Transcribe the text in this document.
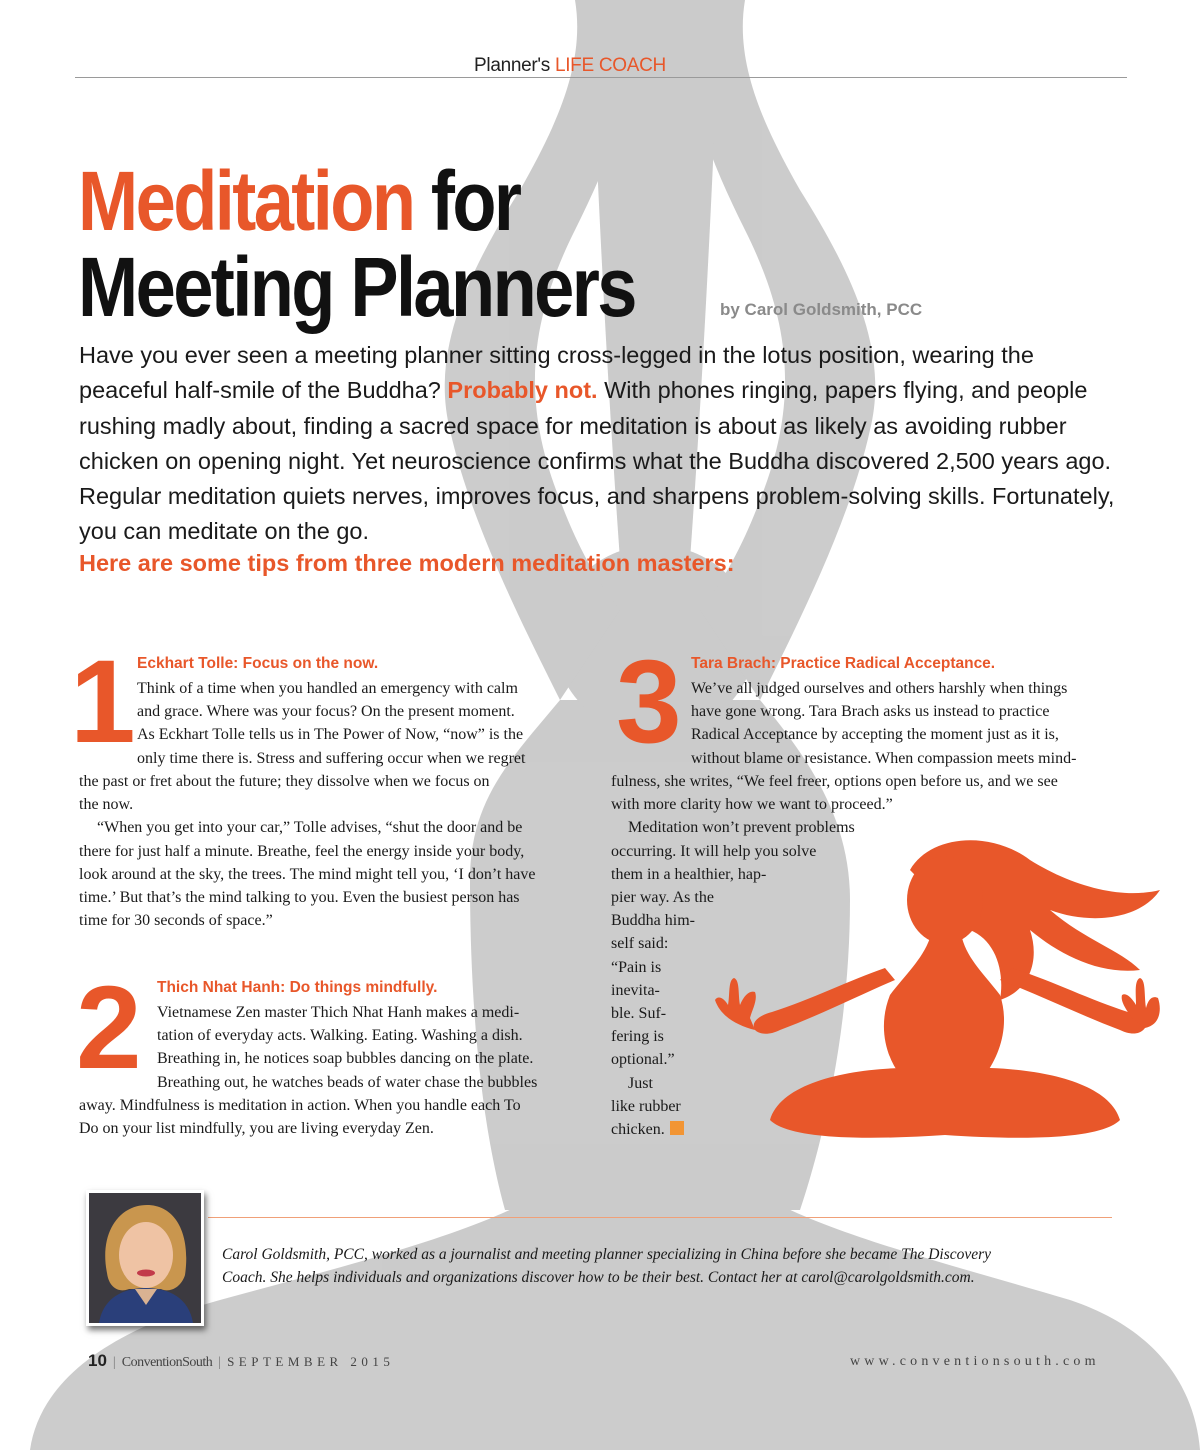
Planner's LIFE COACH
Meditation for
Meeting Planners	by Carol Goldsmith, PCC
Have you ever seen a meeting planner sitting cross-legged in the lotus position, wearing the peaceful half-smile of the Buddha? Probably not. With phones ringing, papers flying, and people rushing madly about, finding a sacred space for meditation is about as likely as avoiding rubber chicken on opening night. Yet neuroscience confirms what the Buddha discovered 2,500 years ago. Regular meditation quiets nerves, improves focus, and sharpens problem-solving skills. Fortunately, you can meditate on the go.
Here are some tips from three modern meditation masters:
1 Eckhart Tolle: Focus on the now.
Think of a time when you handled an emergency with calm
and grace. Where was your focus? On the present moment.
As Eckhart Tolle tells us in The Power of Now, “now” is the
only time there is. Stress and suffering occur when we regret
the past or fret about the future; they dissolve when we focus on
the now.
“When you get into your car,” Tolle advises, “shut the door and be
there for just half a minute. Breathe, feel the energy inside your body,
look around at the sky, the trees. The mind might tell you, ‘I don’t have
time.’ But that’s the mind talking to you. Even the busiest person has
time for 30 seconds of space.”
2 Thich Nhat Hanh: Do things mindfully.
Vietnamese Zen master Thich Nhat Hanh makes a medi-
tation of everyday acts. Walking. Eating. Washing a dish.
Breathing in, he notices soap bubbles dancing on the plate.
Breathing out, he watches beads of water chase the bubbles
away. Mindfulness is meditation in action. When you handle each To
Do on your list mindfully, you are living everyday Zen.
3 Tara Brach: Practice Radical Acceptance.
We’ve all judged ourselves and others harshly when things
have gone wrong. Tara Brach asks us instead to practice
Radical Acceptance by accepting the moment just as it is,
without blame or resistance. When compassion meets mind-
fulness, she writes, “We feel freer, options open before us, and we see
with more clarity how we want to proceed.”
Meditation won’t prevent problems
occurring. It will help you solve
them in a healthier, hap-
pier way. As the
Buddha him-
self said:
“Pain is
inevita-
ble. Suf-
fering is
optional.”
Just
like rubber
chicken.
Carol Goldsmith, PCC, worked as a journalist and meeting planner specializing in China before she became The Discovery
Coach. She helps individuals and organizations discover how to be their best. Contact her at carol@carolgoldsmith.com.
10 | ConventionSouth | SEPTEMBER 2015	www.conventionsouth.com
